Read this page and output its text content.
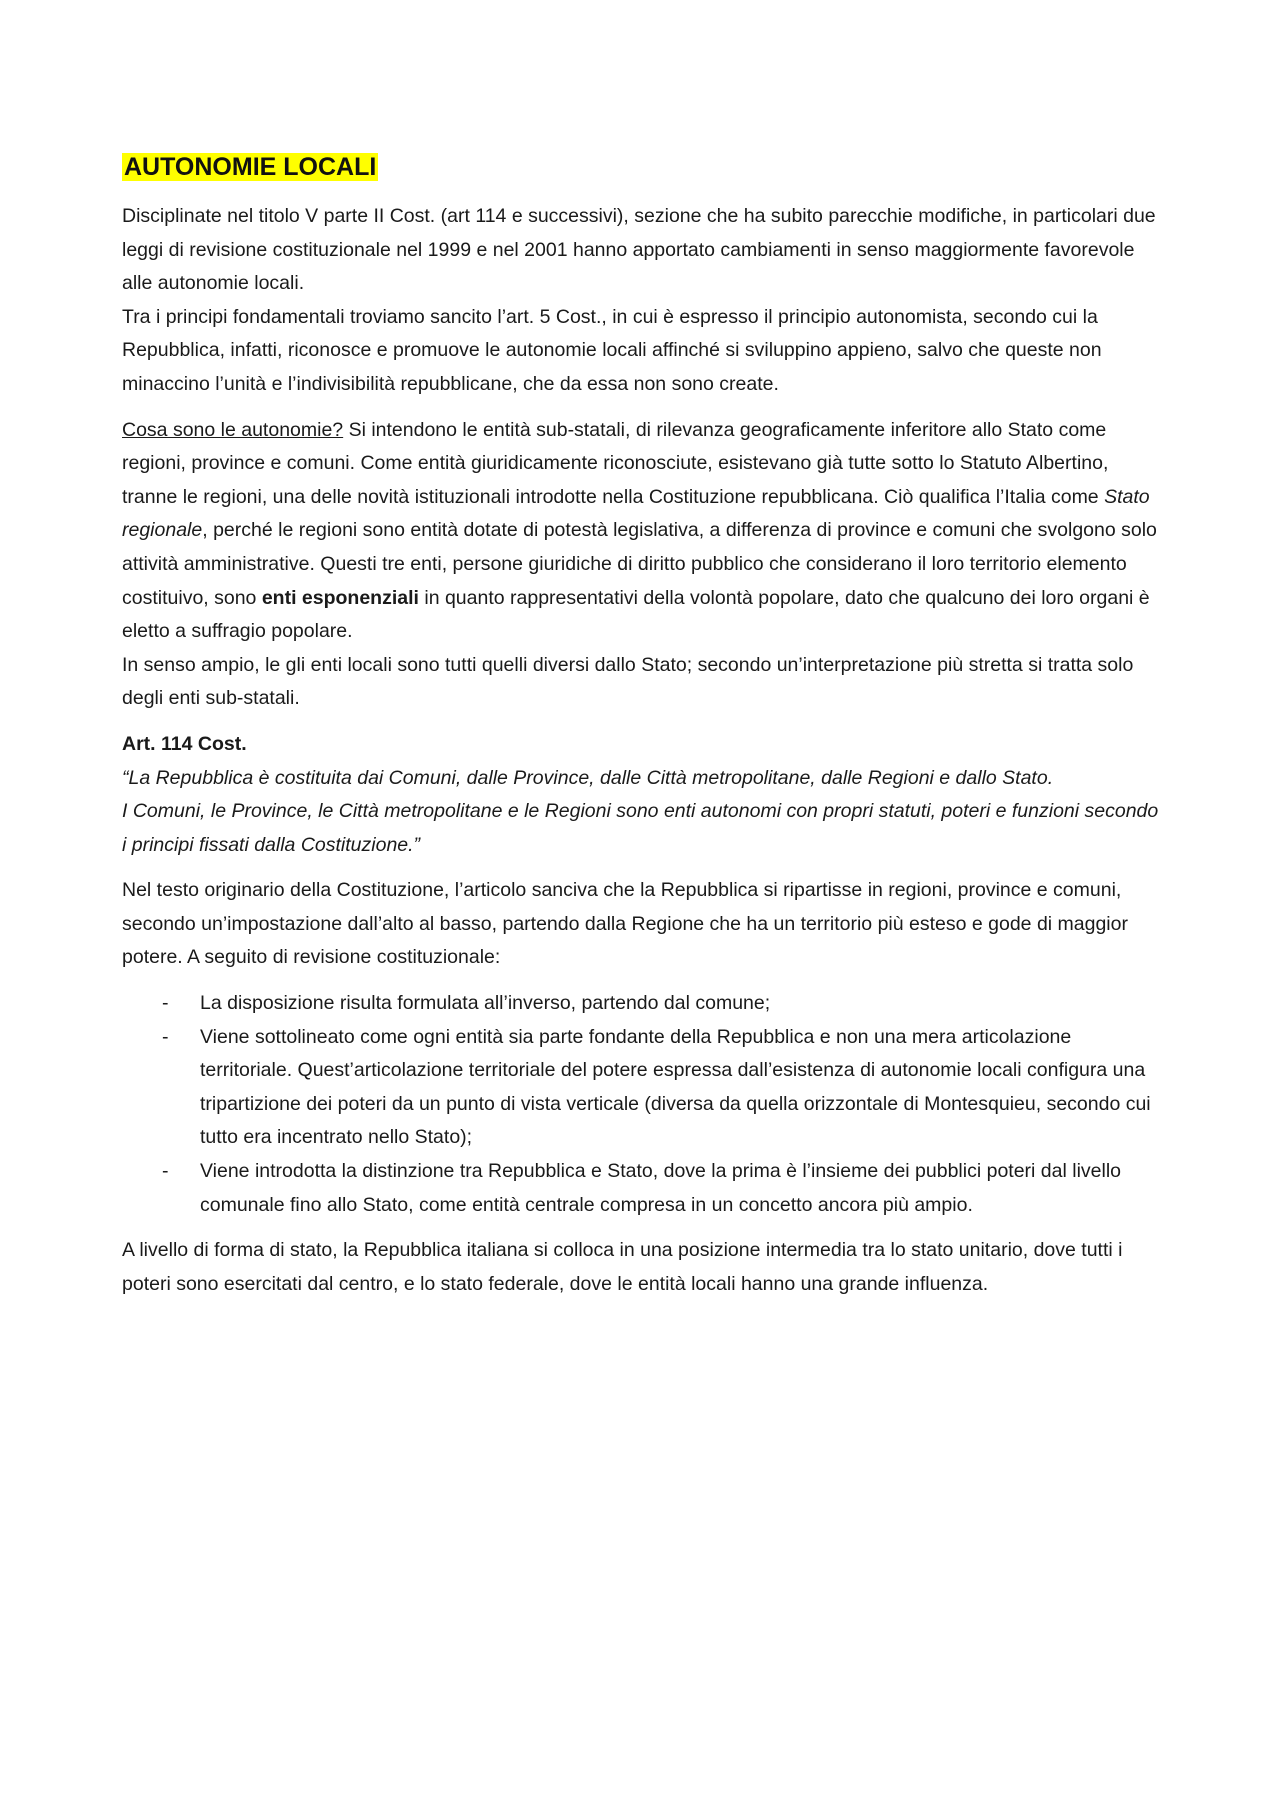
AUTONOMIE LOCALI

Disciplinate nel titolo V parte II Cost. (art 114 e successivi), sezione che ha subito parecchie modifiche, in particolari due leggi di revisione costituzionale nel 1999 e nel 2001 hanno apportato cambiamenti in senso maggiormente favorevole alle autonomie locali.
Tra i principi fondamentali troviamo sancito l’art. 5 Cost., in cui è espresso il principio autonomista, secondo cui la Repubblica, infatti, riconosce e promuove le autonomie locali affinché si sviluppino appieno, salvo che queste non minaccino l’unità e l’indivisibilità repubblicane, che da essa non sono create.

Cosa sono le autonomie? Si intendono le entità sub-statali, di rilevanza geograficamente inferitore allo Stato come regioni, province e comuni. Come entità giuridicamente riconosciute, esistevano già tutte sotto lo Statuto Albertino, tranne le regioni, una delle novità istituzionali introdotte nella Costituzione repubblicana. Ciò qualifica l’Italia come Stato regionale, perché le regioni sono entità dotate di potestà legislativa, a differenza di province e comuni che svolgono solo attività amministrative. Questi tre enti, persone giuridiche di diritto pubblico che considerano il loro territorio elemento costituivo, sono enti esponenziali in quanto rappresentativi della volontà popolare, dato che qualcuno dei loro organi è eletto a suffragio popolare.
In senso ampio, le gli enti locali sono tutti quelli diversi dallo Stato; secondo un’interpretazione più stretta si tratta solo degli enti sub-statali.

Art. 114 Cost.

“La Repubblica è costituita dai Comuni, dalle Province, dalle Città metropolitane, dalle Regioni e dallo Stato.
I Comuni, le Province, le Città metropolitane e le Regioni sono enti autonomi con propri statuti, poteri e funzioni secondo i principi fissati dalla Costituzione.”

Nel testo originario della Costituzione, l’articolo sanciva che la Repubblica si ripartisse in regioni, province e comuni, secondo un’impostazione dall’alto al basso, partendo dalla Regione che ha un territorio più esteso e gode di maggior potere. A seguito di revisione costituzionale:

- La disposizione risulta formulata all’inverso, partendo dal comune;
- Viene sottolineato come ogni entità sia parte fondante della Repubblica e non una mera articolazione territoriale. Quest’articolazione territoriale del potere espressa dall’esistenza di autonomie locali configura una tripartizione dei poteri da un punto di vista verticale (diversa da quella orizzontale di Montesquieu, secondo cui tutto era incentrato nello Stato);
- Viene introdotta la distinzione tra Repubblica e Stato, dove la prima è l’insieme dei pubblici poteri dal livello comunale fino allo Stato, come entità centrale compresa in un concetto ancora più ampio.

A livello di forma di stato, la Repubblica italiana si colloca in una posizione intermedia tra lo stato unitario, dove tutti i poteri sono esercitati dal centro, e lo stato federale, dove le entità locali hanno una grande influenza.
